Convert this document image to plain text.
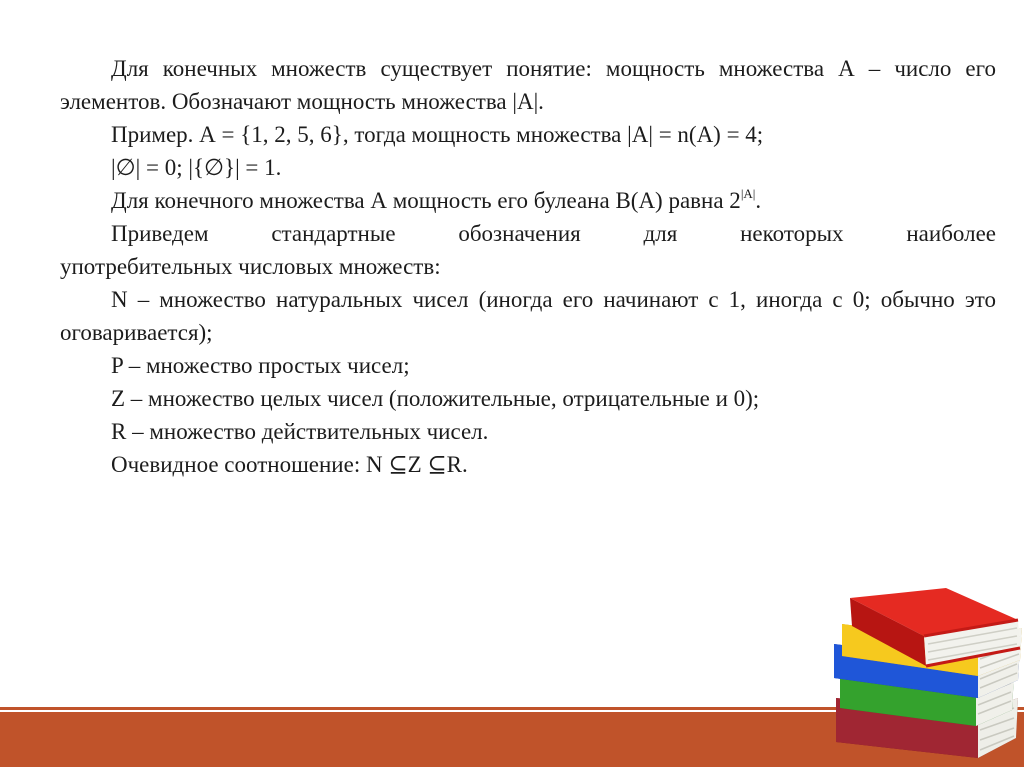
Для конечных множеств существует понятие: мощность множества А – число его элементов. Обозначают мощность множества |А|.

Пример. А = {1, 2, 5, 6}, тогда мощность множества |А| = n(А) = 4;

|∅| = 0; |{∅}| = 1.

Для конечного множества А мощность его булеана B(А) равна $2^{|А|}$.

Приведем стандартные обозначения для некоторых наиболее

употребительных числовых множеств:

N – множество натуральных чисел (иногда его начинают с 1, иногда с 0; обычно это оговаривается);

P – множество простых чисел;

Z – множество целых чисел (положительные, отрицательные и 0);

R – множество действительных чисел.

Очевидное соотношение: N ⊆Z ⊆R.
